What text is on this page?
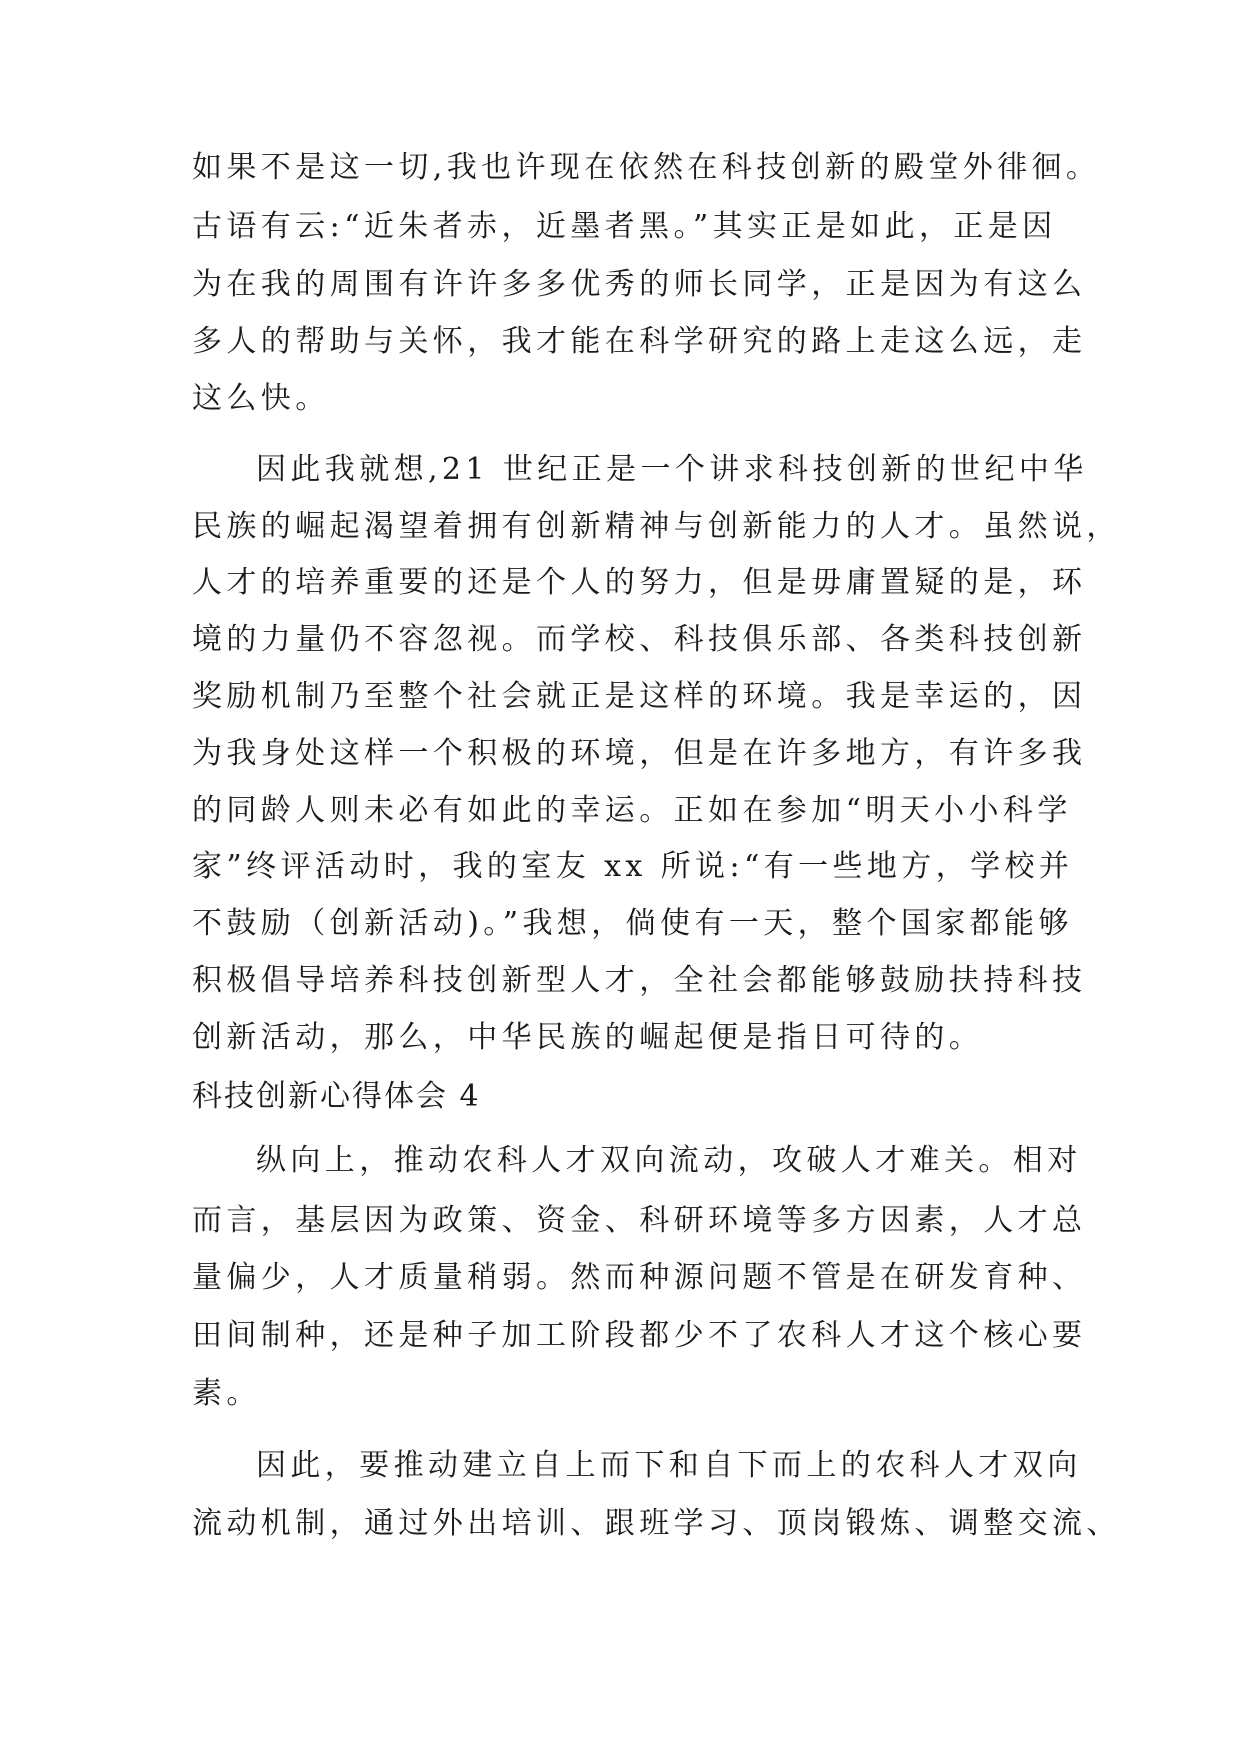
如果不是这一切,我也许现在依然在科技创新的殿堂外徘徊。
古语有云:“近朱者赤，近墨者黑。”其实正是如此，正是因
为在我的周围有许许多多优秀的师长同学，正是因为有这么
多人的帮助与关怀，我才能在科学研究的路上走这么远，走
这么快。
因此我就想,21 世纪正是一个讲求科技创新的世纪中华
民族的崛起渴望着拥有创新精神与创新能力的人才。虽然说，
人才的培养重要的还是个人的努力，但是毋庸置疑的是，环
境的力量仍不容忽视。而学校、科技俱乐部、各类科技创新
奖励机制乃至整个社会就正是这样的环境。我是幸运的，因
为我身处这样一个积极的环境，但是在许多地方，有许多我
的同龄人则未必有如此的幸运。正如在参加“明天小小科学
家”终评活动时，我的室友 xx 所说:“有一些地方，学校并
不鼓励（创新活动)。”我想，倘使有一天，整个国家都能够
积极倡导培养科技创新型人才，全社会都能够鼓励扶持科技
创新活动，那么，中华民族的崛起便是指日可待的。
科技创新心得体会 4
纵向上，推动农科人才双向流动，攻破人才难关。相对
而言，基层因为政策、资金、科研环境等多方因素，人才总
量偏少，人才质量稍弱。然而种源问题不管是在研发育种、
田间制种，还是种子加工阶段都少不了农科人才这个核心要
素。
因此，要推动建立自上而下和自下而上的农科人才双向
流动机制，通过外出培训、跟班学习、顶岗锻炼、调整交流、
